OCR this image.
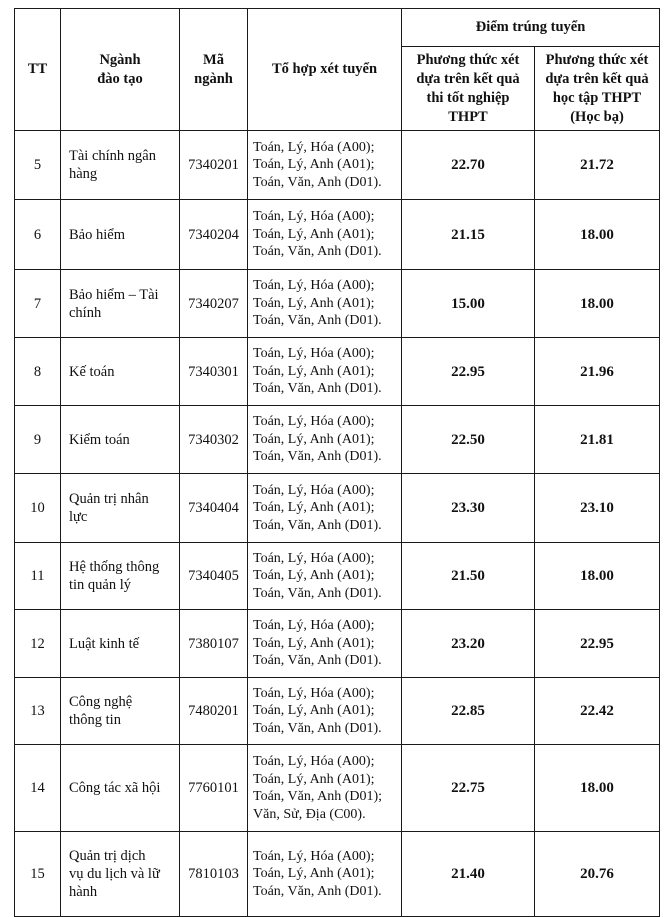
TT	Ngành
đào tạo	Mã
ngành	Tổ hợp xét tuyển	Điểm trúng tuyển	
				Phương thức xét
dựa trên kết quả
thi tốt nghiệp
THPT	Phương thức xét
dựa trên kết quả
học tập THPT
(Học bạ)
5	Tài chính ngân
hàng	7340201	Toán, Lý, Hóa (A00);
Toán, Lý, Anh (A01);
Toán, Văn, Anh (D01).	22.70	21.72
6	Bảo hiểm	7340204	Toán, Lý, Hóa (A00);
Toán, Lý, Anh (A01);
Toán, Văn, Anh (D01).	21.15	18.00
7	Bảo hiểm – Tài
chính	7340207	Toán, Lý, Hóa (A00);
Toán, Lý, Anh (A01);
Toán, Văn, Anh (D01).	15.00	18.00
8	Kế toán	7340301	Toán, Lý, Hóa (A00);
Toán, Lý, Anh (A01);
Toán, Văn, Anh (D01).	22.95	21.96
9	Kiểm toán	7340302	Toán, Lý, Hóa (A00);
Toán, Lý, Anh (A01);
Toán, Văn, Anh (D01).	22.50	21.81
10	Quản trị nhân
lực	7340404	Toán, Lý, Hóa (A00);
Toán, Lý, Anh (A01);
Toán, Văn, Anh (D01).	23.30	23.10
11	Hệ thống thông
tin quản lý	7340405	Toán, Lý, Hóa (A00);
Toán, Lý, Anh (A01);
Toán, Văn, Anh (D01).	21.50	18.00
12	Luật kinh tế	7380107	Toán, Lý, Hóa (A00);
Toán, Lý, Anh (A01);
Toán, Văn, Anh (D01).	23.20	22.95
13	Công nghệ
thông tin	7480201	Toán, Lý, Hóa (A00);
Toán, Lý, Anh (A01);
Toán, Văn, Anh (D01).	22.85	22.42
14	Công tác xã hội	7760101	Toán, Lý, Hóa (A00);
Toán, Lý, Anh (A01);
Toán, Văn, Anh (D01);
Văn, Sử, Địa (C00).	22.75	18.00
15	Quản trị dịch
vụ du lịch và lữ
hành	7810103	Toán, Lý, Hóa (A00);
Toán, Lý, Anh (A01);
Toán, Văn, Anh (D01).	21.40	20.76
